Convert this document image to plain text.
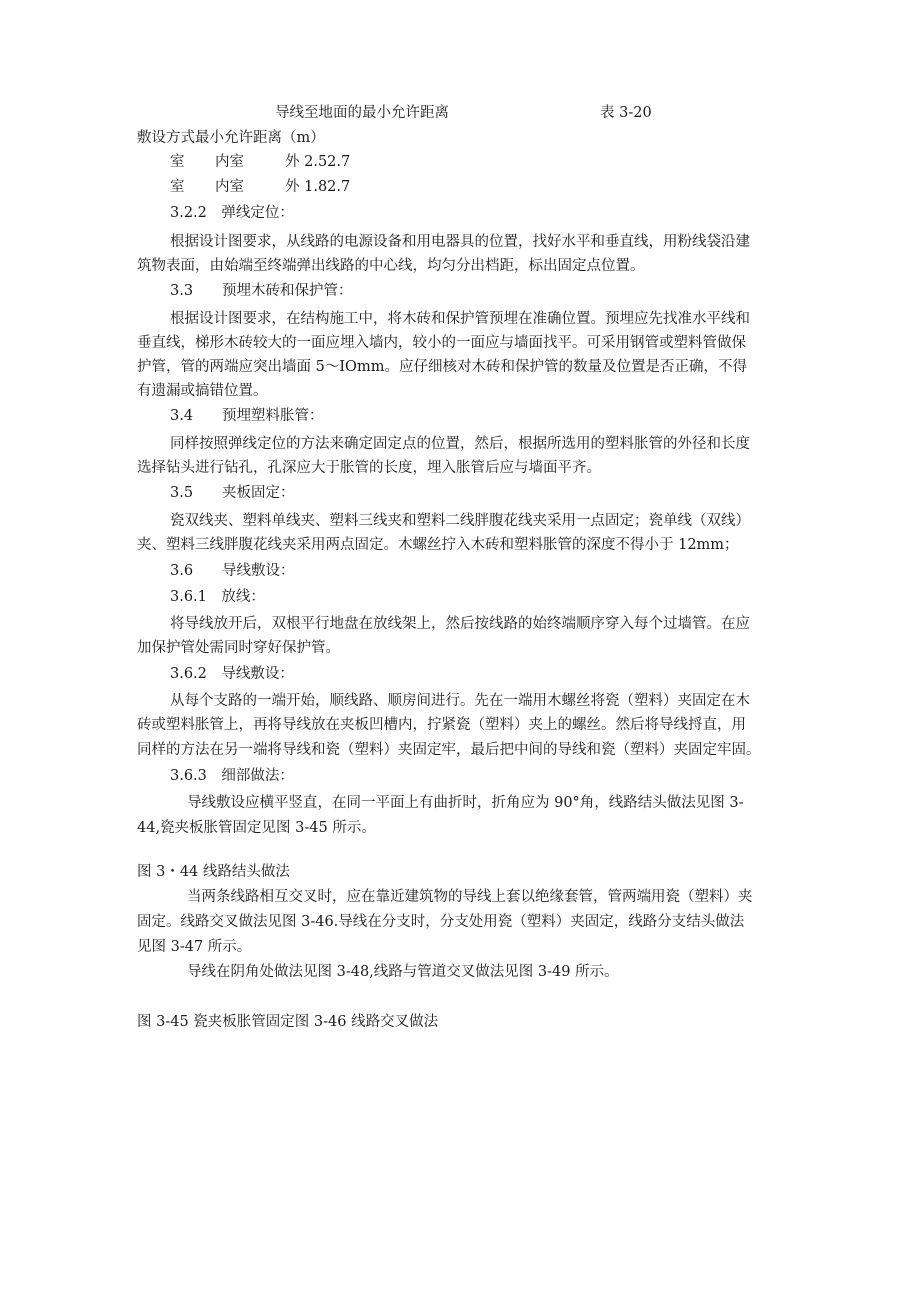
导线至地面的最小允许距离	表 3-20
敷设方式最小允许距离（m）
室 内室	外 2.52.7
室 内室	外 1.82.7
3.2.2　弹线定位：
根据设计图要求，从线路的电源设备和用电器具的位置，找好水平和垂直线，用粉线袋沿建
筑物表面，由始端至终端弹出线路的中心线，均匀分出档距，标出固定点位置。
3.3　　预埋木砖和保护管：
根据设计图要求，在结构施工中，将木砖和保护管预埋在准确位置。预埋应先找准水平线和
垂直线，梯形木砖较大的一面应埋入墙内，较小的一面应与墙面找平。可采用钢管或塑料管做保
护管，管的两端应突出墙面 5～IOmm。应仔细核对木砖和保护管的数量及位置是否正确，不得
有遗漏或搞错位置。
3.4　　预埋塑料胀管：
同样按照弹线定位的方法来确定固定点的位置，然后，根据所选用的塑料胀管的外径和长度
选择钻头进行钻孔，孔深应大于胀管的长度，埋入胀管后应与墙面平齐。
3.5　　夹板固定：
瓷双线夹、塑料单线夹、塑料三线夹和塑料二线胖腹花线夹采用一点固定；瓷单线（双线）
夹、塑料三线胖腹花线夹采用两点固定。木螺丝拧入木砖和塑料胀管的深度不得小于 12mm；
3.6　　导线敷设：
3.6.1　放线：
将导线放开后，双根平行地盘在放线架上，然后按线路的始终端顺序穿入每个过墙管。在应
加保护管处需同时穿好保护管。
3.6.2　导线敷设：
从每个支路的一端开始，顺线路、顺房间进行。先在一端用木螺丝将瓷（塑料）夹固定在木
砖或塑料胀管上，再将导线放在夹板凹槽内，拧紧瓷（塑料）夹上的螺丝。然后将导线捋直，用
同样的方法在另一端将导线和瓷（塑料）夹固定牢，最后把中间的导线和瓷（塑料）夹固定牢固。
3.6.3　细部做法：
导线敷设应横平竖直，在同一平面上有曲折时，折角应为 90°角，线路结头做法见图 3-
44,瓷夹板胀管固定见图 3-45 所示。
图 3・44 线路结头做法
当两条线路相互交叉时，应在靠近建筑物的导线上套以绝缘套管，管两端用瓷（塑料）夹
固定。线路交叉做法见图 3-46.导线在分支时，分支处用瓷（塑料）夹固定，线路分支结头做法
见图 3-47 所示。
导线在阴角处做法见图 3-48,线路与管道交叉做法见图 3-49 所示。
图 3-45 瓷夹板胀管固定图 3-46 线路交叉做法
